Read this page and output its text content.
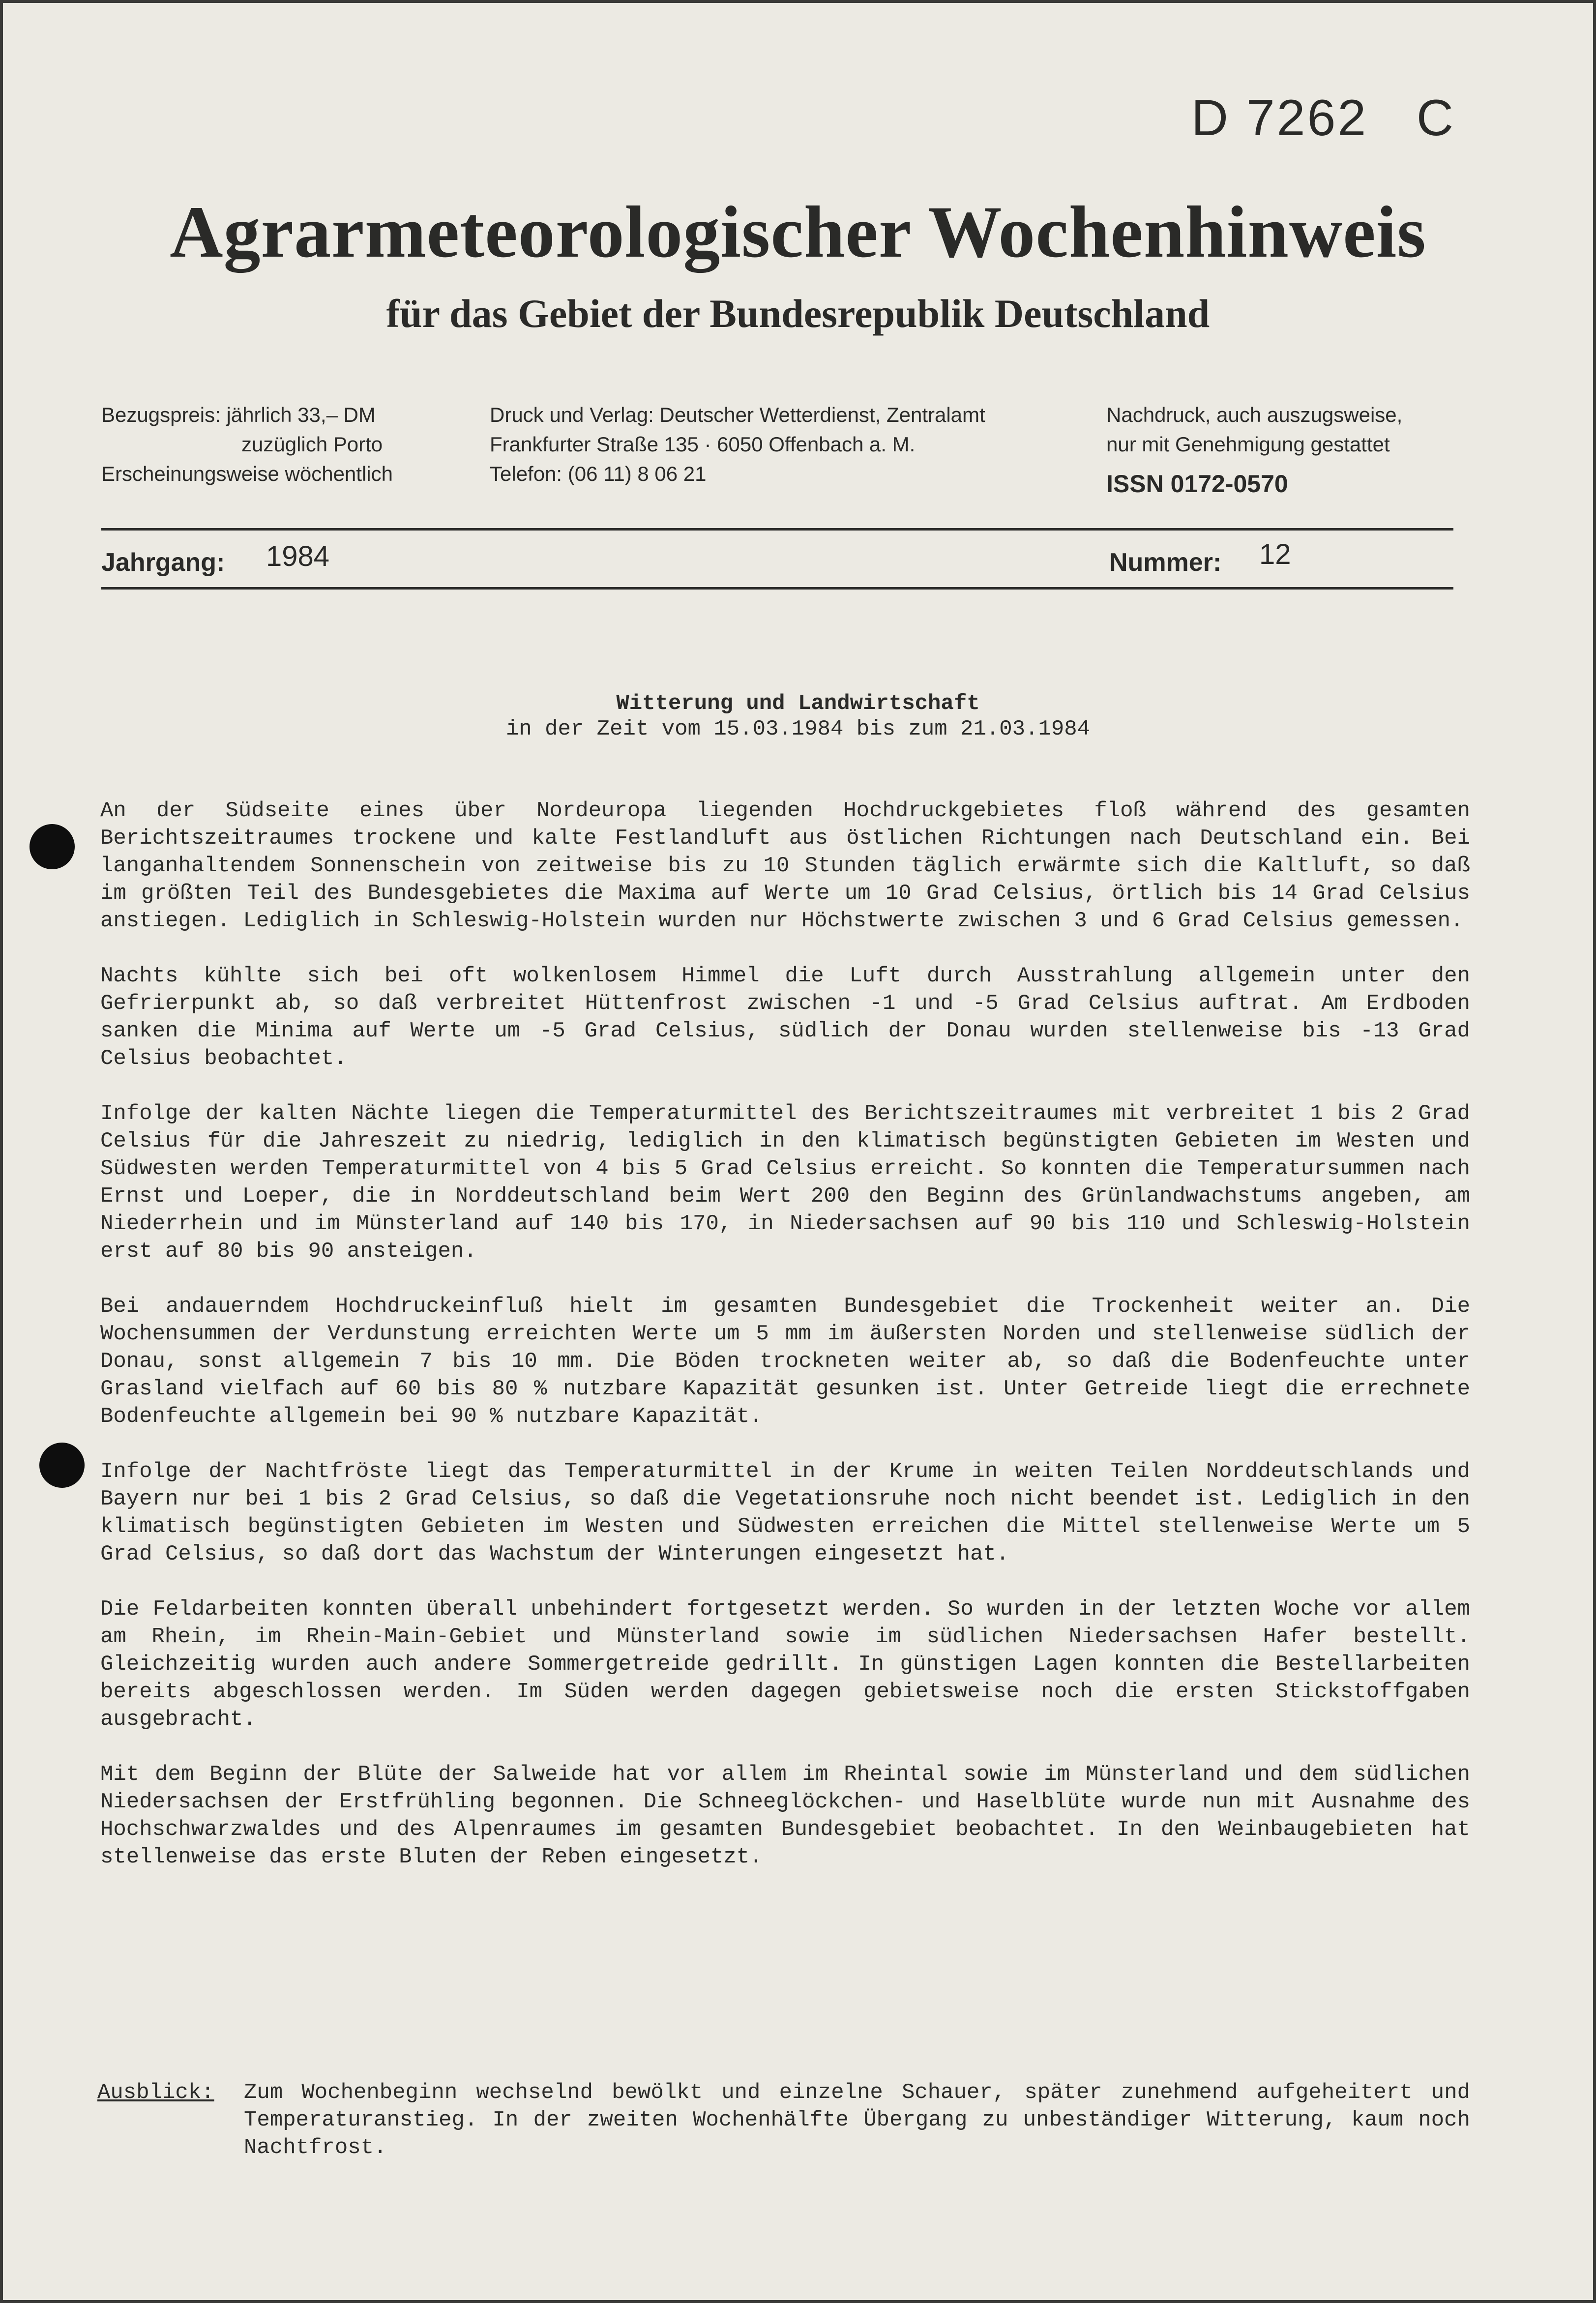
D 7262   C
Agrarmeteorologischer Wochenhinweis
für das Gebiet der Bundesrepublik Deutschland
Bezugspreis: jährlich 33,– DM
zuzüglich Porto
Erscheinungsweise wöchentlich
Druck und Verlag: Deutscher Wetterdienst, Zentralamt
Frankfurter Straße 135 · 6050 Offenbach a. M.
Telefon: (06 11) 8 06 21
Nachdruck, auch auszugsweise,
nur mit Genehmigung gestattet
ISSN 0172-0570
Jahrgang: 1984	Nummer: 12
Witterung und Landwirtschaft
in der Zeit vom 15.03.1984 bis zum 21.03.1984

An der Südseite eines über Nordeuropa liegenden Hochdruckgebietes floß während des gesamten Berichtszeitraumes trockene und kalte Festlandluft aus östlichen Richtungen nach Deutschland ein. Bei langanhaltendem Sonnenschein von zeitweise bis zu 10 Stunden täglich erwärmte sich die Kaltluft, so daß im größten Teil des Bundesgebietes die Maxima auf Werte um 10 Grad Celsius, örtlich bis 14 Grad Celsius anstiegen. Lediglich in Schleswig-Holstein wurden nur Höchstwerte zwischen 3 und 6 Grad Celsius gemessen.

Nachts kühlte sich bei oft wolkenlosem Himmel die Luft durch Ausstrahlung allgemein unter den Gefrierpunkt ab, so daß verbreitet Hüttenfrost zwischen -1 und -5 Grad Celsius auftrat. Am Erdboden sanken die Minima auf Werte um -5 Grad Celsius, südlich der Donau wurden stellenweise bis -13 Grad Celsius beobachtet.

Infolge der kalten Nächte liegen die Temperaturmittel des Berichtszeitraumes mit verbreitet 1 bis 2 Grad Celsius für die Jahreszeit zu niedrig, lediglich in den klimatisch begünstigten Gebieten im Westen und Südwesten werden Temperaturmittel von 4 bis 5 Grad Celsius erreicht. So konnten die Temperatursummen nach Ernst und Loeper, die in Norddeutschland beim Wert 200 den Beginn des Grünlandwachstums angeben, am Niederrhein und im Münsterland auf 140 bis 170, in Niedersachsen auf 90 bis 110 und Schleswig-Holstein erst auf 80 bis 90 ansteigen.

Bei andauerndem Hochdruckeinfluß hielt im gesamten Bundesgebiet die Trockenheit weiter an. Die Wochensummen der Verdunstung erreichten Werte um 5 mm im äußersten Norden und stellenweise südlich der Donau, sonst allgemein 7 bis 10 mm. Die Böden trockneten weiter ab, so daß die Bodenfeuchte unter Grasland vielfach auf 60 bis 80 % nutzbare Kapazität gesunken ist. Unter Getreide liegt die errechnete Bodenfeuchte allgemein bei 90 % nutzbare Kapazität.

Infolge der Nachtfröste liegt das Temperaturmittel in der Krume in weiten Teilen Norddeutschlands und Bayern nur bei 1 bis 2 Grad Celsius, so daß die Vegetationsruhe noch nicht beendet ist. Lediglich in den klimatisch begünstigten Gebieten im Westen und Südwesten erreichen die Mittel stellenweise Werte um 5 Grad Celsius, so daß dort das Wachstum der Winterungen eingesetzt hat.

Die Feldarbeiten konnten überall unbehindert fortgesetzt werden. So wurden in der letzten Woche vor allem am Rhein, im Rhein-Main-Gebiet und Münsterland sowie im südlichen Niedersachsen Hafer bestellt. Gleichzeitig wurden auch andere Sommergetreide gedrillt. In günstigen Lagen konnten die Bestellarbeiten bereits abgeschlossen werden. Im Süden werden dagegen gebietsweise noch die ersten Stickstoffgaben ausgebracht.

Mit dem Beginn der Blüte der Salweide hat vor allem im Rheintal sowie im Münsterland und dem südlichen Niedersachsen der Erstfrühling begonnen. Die Schneeglöckchen- und Haselblüte wurde nun mit Ausnahme des Hochschwarzwaldes und des Alpenraumes im gesamten Bundesgebiet beobachtet. In den Weinbaugebieten hat stellenweise das erste Bluten der Reben eingesetzt.

Ausblick:	Zum Wochenbeginn wechselnd bewölkt und einzelne Schauer, später zunehmend aufgeheitert und Temperaturanstieg. In der zweiten Wochenhälfte Übergang zu unbeständiger Witterung, kaum noch Nachtfrost.
